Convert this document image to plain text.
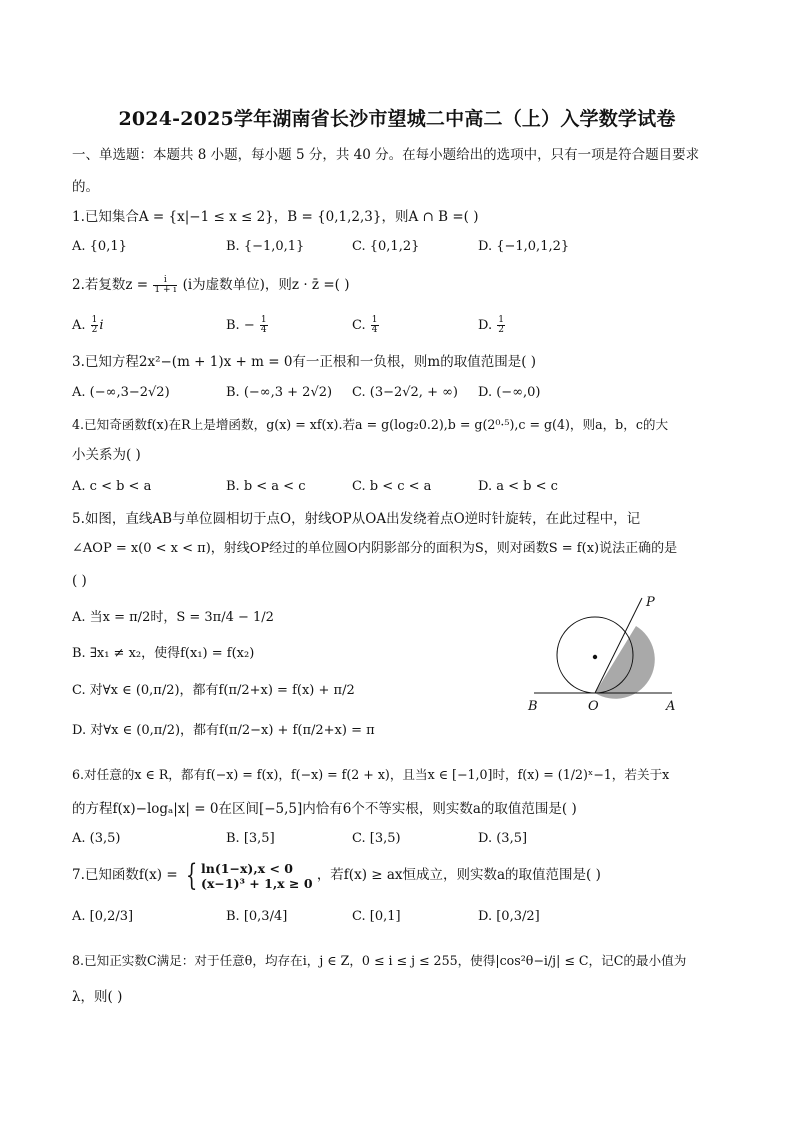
2024-2025学年湖南省长沙市望城二中高二（上）入学数学试卷
一、单选题：本题共 8 小题，每小题 5 分，共 40 分。在每小题给出的选项中，只有一项是符合题目要求
的。
1.已知集合A = {x|−1 ≤ x ≤ 2}，B = {0,1,2,3}，则A ∩ B =( )
A. {0,1}	B. {−1,0,1}	C. {0,1,2}	D. {−1,0,1,2}
2.若复数$z = \frac{i}{1 + i} (i$为虚数单位)，则z · z̄ =( )
A. $\frac{1}{2}$ i	B. − $\frac{1}{4}$	C. $\frac{1}{4}$	D. $\frac{1}{2}$
3.已知方程2x²−(m + 1)x + m = 0有一正根和一负根，则m的取值范围是( )
A. (−∞,3−2√2)	B. (−∞,3 + 2√2) C. (3−2√2, + ∞) D. (−∞,0)
4.已知奇函数f(x)在R上是增函数，g(x) = xf(x).若a = g(log₂0.2),b = g(2⁰·⁵),c = g(4)，则a，b，c的大
小关系为( )
A. c < b < a	B. b < a < c	C. b < c < a	D. a < b < c
5.如图，直线AB与单位圆相切于点O，射线OP从OA出发绕着点O逆时针旋转，在此过程中，记
∠AOP = x(0 < x < π)，射线OP经过的单位圆O内阴影部分的面积为S，则对函数S = f(x)说法正确的是
( )
A. 当x = π/2时，S = 3π/4 − 1/2
B. ∃x₁ ≠ x₂，使得f(x₁) = f(x₂)
C. 对∀x ∈ (0,π/2)，都有f(π/2+x) = f(x) + π/2
D. 对∀x ∈ (0,π/2)，都有f(π/2−x) + f(π/2+x) = π
P
B	O	A
6.对任意的x ∈ R，都有f(−x) = f(x)，f(−x) = f(2 + x)，且当x ∈ [−1,0]时，f(x) = (1/2)ˣ−1，若关于x
的方程f(x)−logₐ|x| = 0在区间[−5,5]内恰有6个不等实根，则实数a的取值范围是( )
A. (3,5)	B. [3,5]	C. [3,5)	D. (3,5]
7.已知函数f(x) = { ln(1−x),x < 0
(x−1)³ + 1,x ≥ 0 ，若f(x) ≥ ax恒成立，则实数a的取值范围是( )
A. [0,2/3]	B. [0,3/4]	C. [0,1]	D. [0,3/2]
8.已知正实数C满足：对于任意θ，均存在i，j ∈ Z，0 ≤ i ≤ j ≤ 255，使得|cos²θ−i/j| ≤ C，记C的最小值为
λ，则( )
